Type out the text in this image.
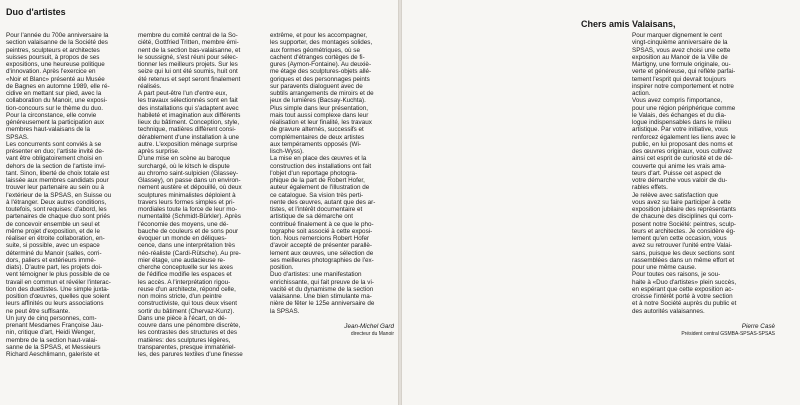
Duo d'artistes

Pour l'année du 700e anniversaire la
section valaisanne de la Société des
peintres, sculpteurs et architectes
suisses poursuit, à propos de ses
expositions, une heureuse politique
d'innovation. Après l'exercice en
«Noir et Blanc» présenté au Musée
de Bagnes en automne 1989, elle ré-
cidive en mettant sur pied, avec la
collaboration du Manoir, une exposi-
tion-concours sur le thème du duo.
Pour la circonstance, elle convie
généreusement la participation aux
membres haut-valaisans de la
SPSAS.
Les concurrents sont conviés à se
présenter en duo; l'artiste invité de-
vant être obligatoirement choisi en
dehors de la section de l'artiste invi-
tant. Sinon, liberté de choix totale est
laissée aux membres candidats pour
trouver leur partenaire au sein ou à
l'extérieur de la SPSAS, en Suisse ou
à l'étranger. Deux autres conditions,
toutefois, sont requises: d'abord, les
partenaires de chaque duo sont priés
de concevoir ensemble un seul et
même projet d'exposition, et de le
réaliser en étroite collaboration, en-
suite, si possible, avec un espace
déterminé du Manoir (salles, corri-
dors, paliers et extérieurs immé-
diats). D'autre part, les projets doi-
vent témoigner le plus possible de ce
travail en commun et révéler l'interac-
tion des duettistes. Une simple juxta-
position d'œuvres, quelles que soient
leurs affinités ou leurs associations
ne peut être suffisante.
Un jury de cinq personnes, com-
prenant Mesdames Françoise Jau-
nin, critique d'art, Heidi Wenger,
membre de la section haut-valai-
sanne de la SPSAS, et Messieurs
Richard Aeschlimann, galeriste et

membre du comité central de la So-
ciété, Gottfried Tritten, membre émi-
nent de la section bas-valaisanne, et
le soussigné, s'est réuni pour sélec-
tionner les meilleurs projets. Sur les
seize qui lui ont été soumis, huit ont
été retenus et sept seront finalement
réalisés.
A part peut-être l'un d'entre eux,
les travaux sélectionnés sont en fait
des installations qui s'adaptent avec
habileté et imagination aux différents
lieux du bâtiment. Conception, style,
technique, matières diffèrent consi-
dérablement d'une installation à une
autre. L'exposition ménage surprise
après surprise.
D'une mise en scène au baroque
surchargé, où le kitsch le dispute
au chromo saint-sulpicien (Glassey-
Glassey), on passe dans un environ-
nement austère et dépouillé, où deux
sculptures minimalistes déploient à
travers leurs formes simples et pri-
mordiales toute la force de leur mo-
numentalité (Schmidt-Bürkler). Après
l'économie des moyens, une dé-
bauche de couleurs et de sons pour
évoquer un monde en déliques-
cence, dans une interprétation très
néo-réaliste (Cardi-Rütsche). Au pre-
mier étage, une audacieuse re-
cherche conceptuelle sur les axes
de l'édifice modifie les espaces et
les accès. A l'interprétation rigou-
reuse d'un architecte, répond celle,
non moins stricte, d'un peintre
constructiviste, qui tous deux visent
sortir du bâtiment (Chervaz-Kunz).
Dans une pièce à l'écart, on dé-
couvre dans une pénombre discrète,
les contrastes des structures et des
matières: des sculptures légères,
transparentes, presque immatériel-
les, des parures textiles d'une finesse

extrême, et pour les accompagner,
les supporter, des montages solides,
aux formes géométriques, où se
cachent d'étranges cortèges de fi-
gures (Aymon-Fontaine). Au deuxiè-
me étage des sculptures-objets allé-
goriques et des personnages peints
sur paravents dialoguent avec de
subtils arrangements de miroirs et de
jeux de lumières (Bacsay-Kuchta).
Plus simple dans leur présentation,
mais tout aussi complexe dans leur
réalisation et leur finalité, les travaux
de gravure alternés, successifs et
complémentaires de deux artistes
aux tempéraments opposés (Wi-
lisch-Wyss).
La mise en place des œuvres et la
construction des installations ont fait
l'objet d'un reportage photogra-
phique de la part de Robert Hofer,
auteur également de l'illustration de
ce catalogue. Sa vision très perti-
nente des œuvres, autant que des ar-
tistes, et l'intérêt documentaire et
artistique de sa démarche ont
contribué finalement à ce que le pho-
tographe soit associé à cette exposi-
tion. Nous remercions Robert Hofer
d'avoir accepté de présenter parallè-
lement aux œuvres, une sélection de
ses meilleures photographies de l'ex-
position.
Duo d'artistes: une manifestation
enrichissante, qui fait preuve de la vi-
vacité et du dynamisme de la section
valaisanne. Une bien stimulante ma-
nière de fêter le 125e anniversaire de
la SPSAS.

Jean-Michel Gard

directeur du Manoir

Chers amis Valaisans,

Pour marquer dignement le cent
vingt-cinquième anniversaire de la
SPSAS, vous avez choisi une cette
exposition au Manoir de la Ville de
Martigny, une formule originale, ou-
verte et généreuse, qui reflète parfai-
tement l'esprit qui devrait toujours
inspirer notre comportement et notre
action.
Vous avez compris l'importance,
pour une région périphérique comme
le Valais, des échanges et du dia-
logue indispensables dans le milieu
artistique. Par votre initiative, vous
renforcez également les liens avec le
public, en lui proposant des noms et
des œuvres originaux, vous cultivez
ainsi cet esprit de curiosité et de dé-
couverte qui anime les vrais ama-
teurs d'art. Puisse cet aspect de
votre démarche vous valoir de du-
rables effets.
Je relève avec satisfaction que
vous avez su faire participer à cette
exposition jubilaire des représentants
de chacune des disciplines qui com-
posent notre Société: peintres, sculp-
teurs et architectes. Je considère ég-
lement qu'en cette occasion, vous
avez su retrouver l'unité entre Valai-
sans, puisque les deux sections sont
rassemblées dans un même effort et
pour une même cause.
Pour toutes ces raisons, je sou-
haite à «Duo d'artistes» plein succès,
en espérant que cette exposition ac-
croisse l'intérêt porté à votre section
et à notre Société auprès du public et
des autorités valaisannes.

Pierre Casè

Président central GSMBA-SPSAS-SPSAS
